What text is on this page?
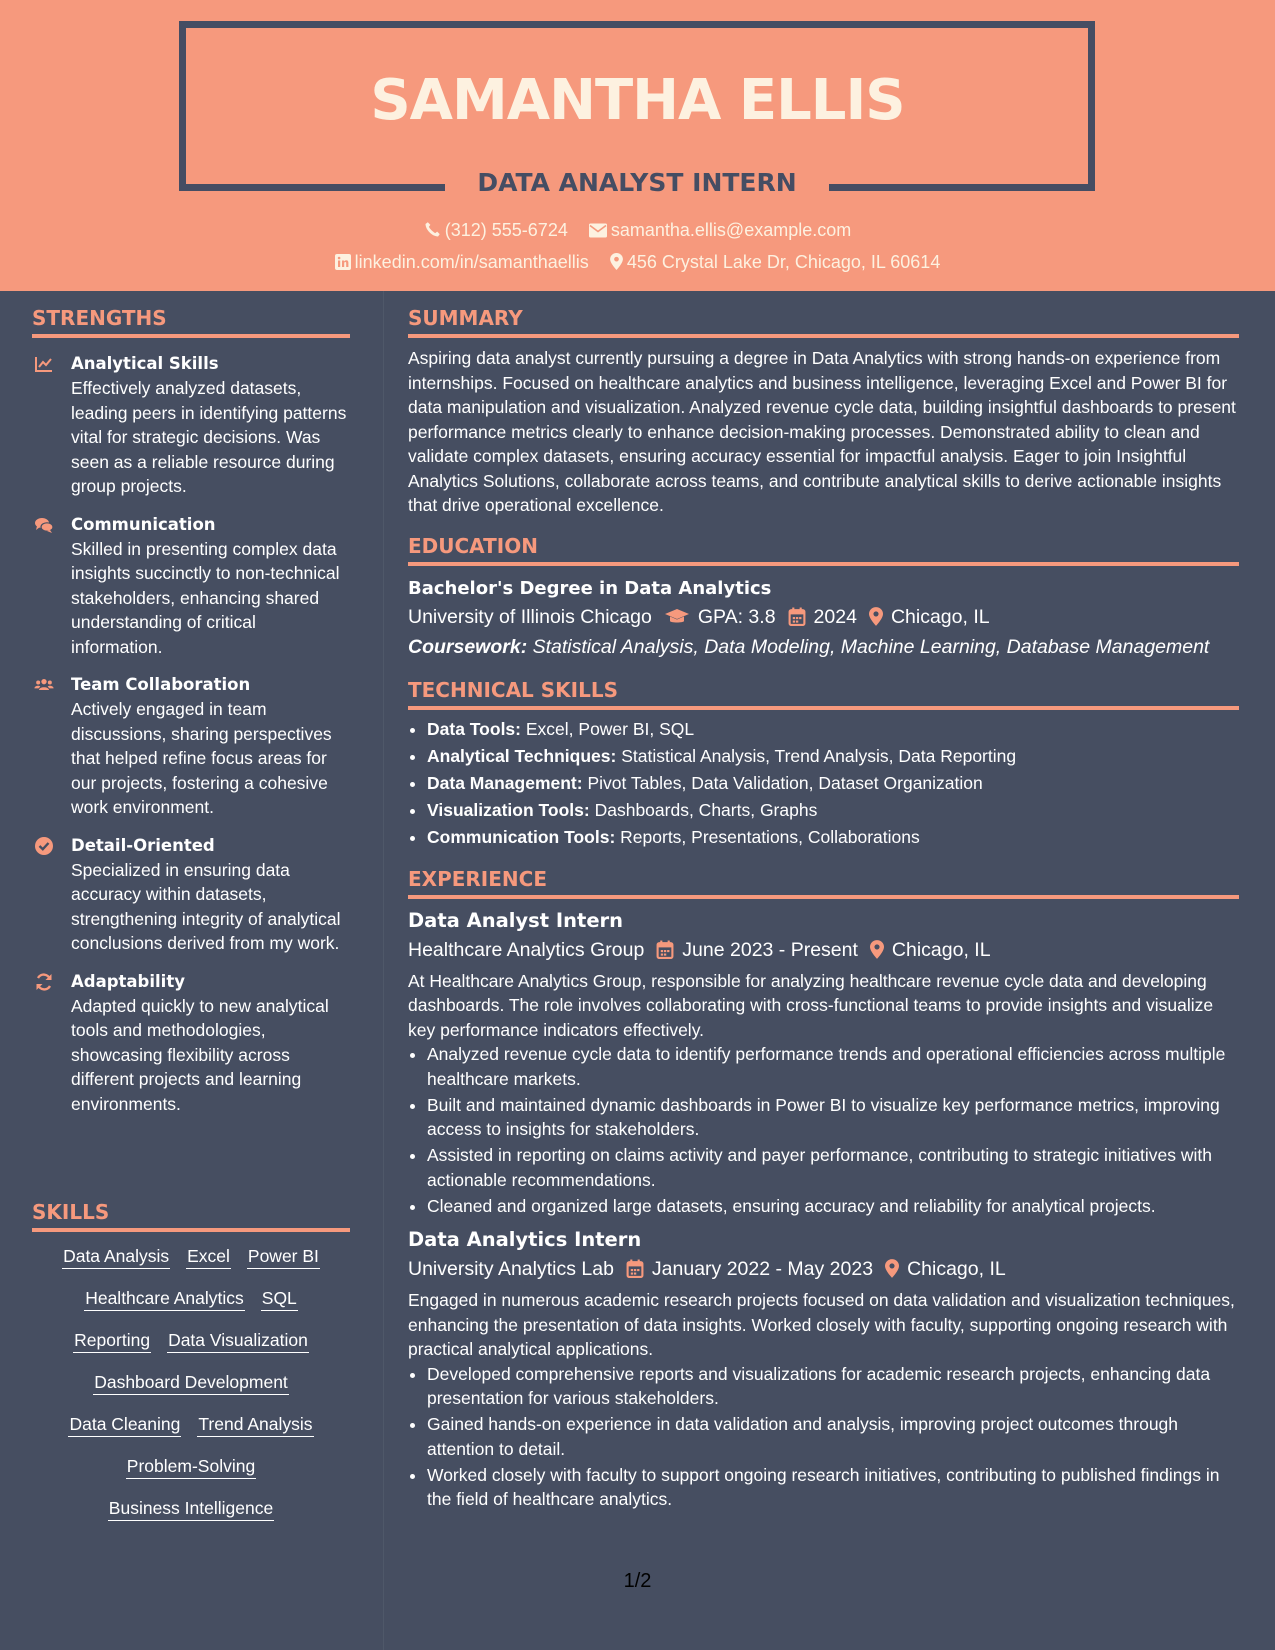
SAMANTHA ELLIS
DATA ANALYST INTERN
(312) 555-6724 samantha.ellis@example.com
linkedin.com/in/samanthaellis 456 Crystal Lake Dr, Chicago, IL 60614
STRENGTHS
Analytical Skills
Effectively analyzed datasets, leading peers in identifying patterns vital for strategic decisions. Was seen as a reliable resource during group projects.
Communication
Skilled in presenting complex data insights succinctly to non-technical stakeholders, enhancing shared understanding of critical information.
Team Collaboration
Actively engaged in team discussions, sharing perspectives that helped refine focus areas for our projects, fostering a cohesive work environment.
Detail-Oriented
Specialized in ensuring data accuracy within datasets, strengthening integrity of analytical conclusions derived from my work.
Adaptability
Adapted quickly to new analytical tools and methodologies, showcasing flexibility across different projects and learning environments.
SKILLS
Data Analysis Excel Power BI
Healthcare Analytics SQL
Reporting Data Visualization
Dashboard Development
Data Cleaning Trend Analysis
Problem-Solving
Business Intelligence
SUMMARY
Aspiring data analyst currently pursuing a degree in Data Analytics with strong hands-on experience from internships. Focused on healthcare analytics and business intelligence, leveraging Excel and Power BI for data manipulation and visualization. Analyzed revenue cycle data, building insightful dashboards to present performance metrics clearly to enhance decision-making processes. Demonstrated ability to clean and validate complex datasets, ensuring accuracy essential for impactful analysis. Eager to join Insightful Analytics Solutions, collaborate across teams, and contribute analytical skills to derive actionable insights that drive operational excellence.
EDUCATION
Bachelor's Degree in Data Analytics
University of Illinois Chicago GPA: 3.8 2024 Chicago, IL
Coursework: Statistical Analysis, Data Modeling, Machine Learning, Database Management
TECHNICAL SKILLS
• Data Tools: Excel, Power BI, SQL
• Analytical Techniques: Statistical Analysis, Trend Analysis, Data Reporting
• Data Management: Pivot Tables, Data Validation, Dataset Organization
• Visualization Tools: Dashboards, Charts, Graphs
• Communication Tools: Reports, Presentations, Collaborations
EXPERIENCE
Data Analyst Intern
Healthcare Analytics Group June 2023 - Present Chicago, IL
At Healthcare Analytics Group, responsible for analyzing healthcare revenue cycle data and developing dashboards. The role involves collaborating with cross-functional teams to provide insights and visualize key performance indicators effectively.
• Analyzed revenue cycle data to identify performance trends and operational efficiencies across multiple healthcare markets.
• Built and maintained dynamic dashboards in Power BI to visualize key performance metrics, improving access to insights for stakeholders.
• Assisted in reporting on claims activity and payer performance, contributing to strategic initiatives with actionable recommendations.
• Cleaned and organized large datasets, ensuring accuracy and reliability for analytical projects.
Data Analytics Intern
University Analytics Lab January 2022 - May 2023 Chicago, IL
Engaged in numerous academic research projects focused on data validation and visualization techniques, enhancing the presentation of data insights. Worked closely with faculty, supporting ongoing research with practical analytical applications.
• Developed comprehensive reports and visualizations for academic research projects, enhancing data presentation for various stakeholders.
• Gained hands-on experience in data validation and analysis, improving project outcomes through attention to detail.
• Worked closely with faculty to support ongoing research initiatives, contributing to published findings in the field of healthcare analytics.
1/2
